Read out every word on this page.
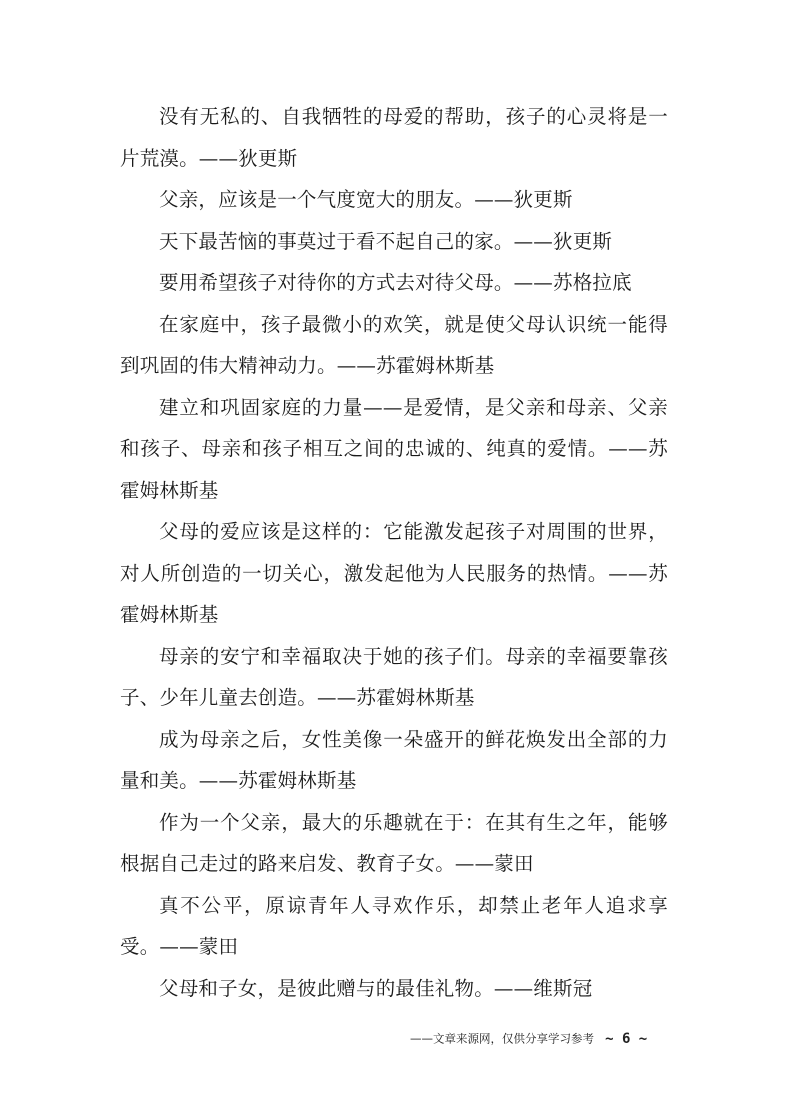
没有无私的、自我牺牲的母爱的帮助，孩子的心灵将是一片荒漠。——狄更斯

父亲，应该是一个气度宽大的朋友。——狄更斯

天下最苦恼的事莫过于看不起自己的家。——狄更斯

要用希望孩子对待你的方式去对待父母。——苏格拉底

在家庭中，孩子最微小的欢笑，就是使父母认识统一能得到巩固的伟大精神动力。——苏霍姆林斯基

建立和巩固家庭的力量——是爱情，是父亲和母亲、父亲和孩子、母亲和孩子相互之间的忠诚的、纯真的爱情。——苏霍姆林斯基

父母的爱应该是这样的：它能激发起孩子对周围的世界，对人所创造的一切关心，激发起他为人民服务的热情。——苏霍姆林斯基

母亲的安宁和幸福取决于她的孩子们。母亲的幸福要靠孩子、少年儿童去创造。——苏霍姆林斯基

成为母亲之后，女性美像一朵盛开的鲜花焕发出全部的力量和美。——苏霍姆林斯基

作为一个父亲，最大的乐趣就在于：在其有生之年，能够根据自己走过的路来启发、教育子女。——蒙田

真不公平，原谅青年人寻欢作乐，却禁止老年人追求享受。——蒙田

父母和子女，是彼此赠与的最佳礼物。——维斯冠

——文章来源网，仅供分享学习参考 ~ 6 ~
